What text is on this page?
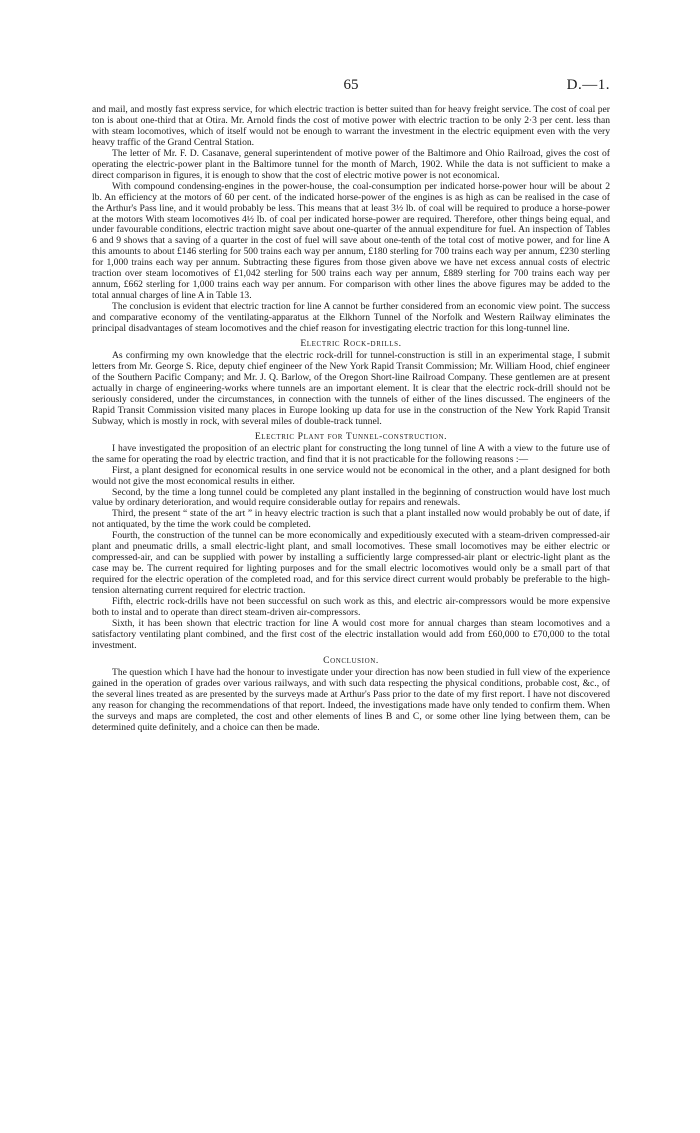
65	D.—1.

and mail, and mostly fast express service, for which electric traction is better suited than for heavy freight service. The cost of coal per ton is about one-third that at Otira. Mr. Arnold finds the cost of motive power with electric traction to be only 2·3 per cent. less than with steam locomotives, which of itself would not be enough to warrant the investment in the electric equipment even with the very heavy traffic of the Grand Central Station.

The letter of Mr. F. D. Casanave, general superintendent of motive power of the Baltimore and Ohio Railroad, gives the cost of operating the electric-power plant in the Baltimore tunnel for the month of March, 1902. While the data is not sufficient to make a direct comparison in figures, it is enough to show that the cost of electric motive power is not economical.

With compound condensing-engines in the power-house, the coal-consumption per indicated horse-power hour will be about 2 lb. An efficiency at the motors of 60 per cent. of the indicated horse-power of the engines is as high as can be realised in the case of the Arthur's Pass line, and it would probably be less. This means that at least 3½ lb. of coal will be required to produce a horse-power at the motors With steam locomotives 4½ lb. of coal per indicated horse-power are required. Therefore, other things being equal, and under favourable conditions, electric traction might save about one-quarter of the annual expenditure for fuel. An inspection of Tables 6 and 9 shows that a saving of a quarter in the cost of fuel will save about one-tenth of the total cost of motive power, and for line A this amounts to about £146 sterling for 500 trains each way per annum, £180 sterling for 700 trains each way per annum, £230 sterling for 1,000 trains each way per annum. Subtracting these figures from those given above we have net excess annual costs of electric traction over steam locomotives of £1,042 sterling for 500 trains each way per annum, £889 sterling for 700 trains each way per annum, £662 sterling for 1,000 trains each way per annum. For comparison with other lines the above figures may be added to the total annual charges of line A in Table 13.

The conclusion is evident that electric traction for line A cannot be further considered from an economic view point. The success and comparative economy of the ventilating-apparatus at the Elkhorn Tunnel of the Norfolk and Western Railway eliminates the principal disadvantages of steam locomotives and the chief reason for investigating electric traction for this long-tunnel line.

Electric Rock-drills.

As confirming my own knowledge that the electric rock-drill for tunnel-construction is still in an experimental stage, I submit letters from Mr. George S. Rice, deputy chief engineer of the New York Rapid Transit Commission; Mr. William Hood, chief engineer of the Southern Pacific Company; and Mr. J. Q. Barlow, of the Oregon Short-line Railroad Company. These gentlemen are at present actually in charge of engineering-works where tunnels are an important element. It is clear that the electric rock-drill should not be seriously considered, under the circumstances, in connection with the tunnels of either of the lines discussed. The engineers of the Rapid Transit Commission visited many places in Europe looking up data for use in the construction of the New York Rapid Transit Subway, which is mostly in rock, with several miles of double-track tunnel.

Electric Plant for Tunnel-construction.

I have investigated the proposition of an electric plant for constructing the long tunnel of line A with a view to the future use of the same for operating the road by electric traction, and find that it is not practicable for the following reasons :—

First, a plant designed for economical results in one service would not be economical in the other, and a plant designed for both would not give the most economical results in either.

Second, by the time a long tunnel could be completed any plant installed in the beginning of construction would have lost much value by ordinary deterioration, and would require considerable outlay for repairs and renewals.

Third, the present “ state of the art ” in heavy electric traction is such that a plant installed now would probably be out of date, if not antiquated, by the time the work could be completed.

Fourth, the construction of the tunnel can be more economically and expeditiously executed with a steam-driven compressed-air plant and pneumatic drills, a small electric-light plant, and small locomotives. These small locomotives may be either electric or compressed-air, and can be supplied with power by installing a sufficiently large compressed-air plant or electric-light plant as the case may be. The current required for lighting purposes and for the small electric locomotives would only be a small part of that required for the electric operation of the completed road, and for this service direct current would probably be preferable to the high-tension alternating current required for electric traction.

Fifth, electric rock-drills have not been successful on such work as this, and electric air-compressors would be more expensive both to instal and to operate than direct steam-driven air-compressors.

Sixth, it has been shown that electric traction for line A would cost more for annual charges than steam locomotives and a satisfactory ventilating plant combined, and the first cost of the electric installation would add from £60,000 to £70,000 to the total investment.

Conclusion.

The question which I have had the honour to investigate under your direction has now been studied in full view of the experience gained in the operation of grades over various railways, and with such data respecting the physical conditions, probable cost, &c., of the several lines treated as are presented by the surveys made at Arthur's Pass prior to the date of my first report. I have not discovered any reason for changing the recommendations of that report. Indeed, the investigations made have only tended to confirm them. When the surveys and maps are completed, the cost and other elements of lines B and C, or some other line lying between them, can be determined quite definitely, and a choice can then be made.
